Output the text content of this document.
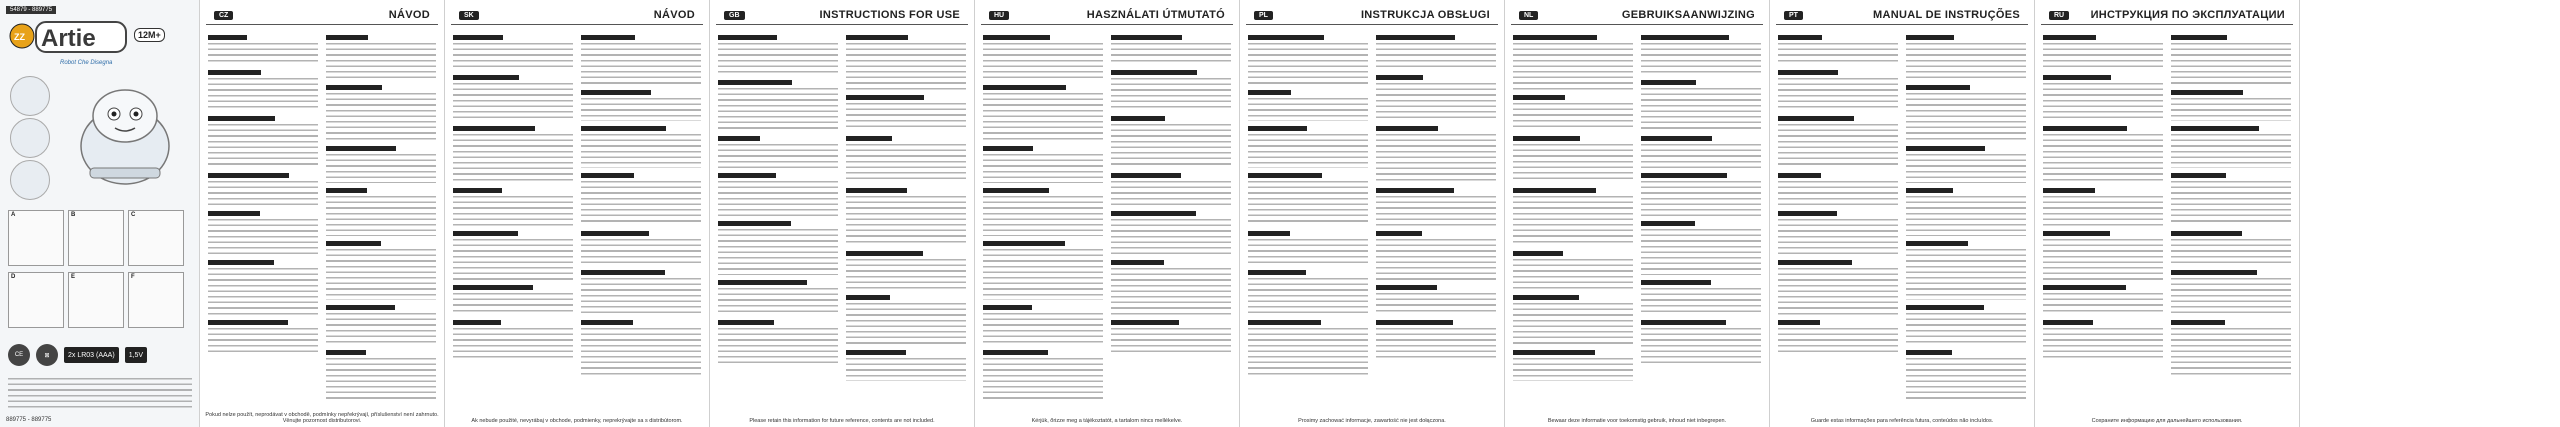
54879 - 889775
ZZ Artie	12M+
Robot Che Disegna
A	B	C
D	E	F
CE	⊠	2x LR03 (AAA)	1,5V
889775 - 889775
CZ	NÁVOD
Pokud nelze použít, neprodávat v obchodě, podmínky nepřekrývají, příslušenství není zahrnuto. Věnujte pozornost distributorovi.
SK	NÁVOD
Ak nebude použité, nevyrábaj v obchode, podmienky, neprekrývajte sa s distribútorom.
GB	INSTRUCTIONS FOR USE
Please retain this information for future reference, contents are not included.
HU	HASZNÁLATI ÚTMUTATÓ
Kérjük, őrizze meg a tájékoztatót, a tartalom nincs mellékelve.
PL	INSTRUKCJA OBSŁUGI
Prosimy zachować informacje, zawartość nie jest dołączona.
NL	GEBRUIKSAANWIJZING
Bewaar deze informatie voor toekomstig gebruik, inhoud niet inbegrepen.
PT	MANUAL DE INSTRUÇÕES
Guarde estas informações para referência futura, conteúdos não incluídos.
RU	ИНСТРУКЦИЯ ПО ЭКСПЛУАТАЦИИ
Сохраните информацию для дальнейшего использования.
